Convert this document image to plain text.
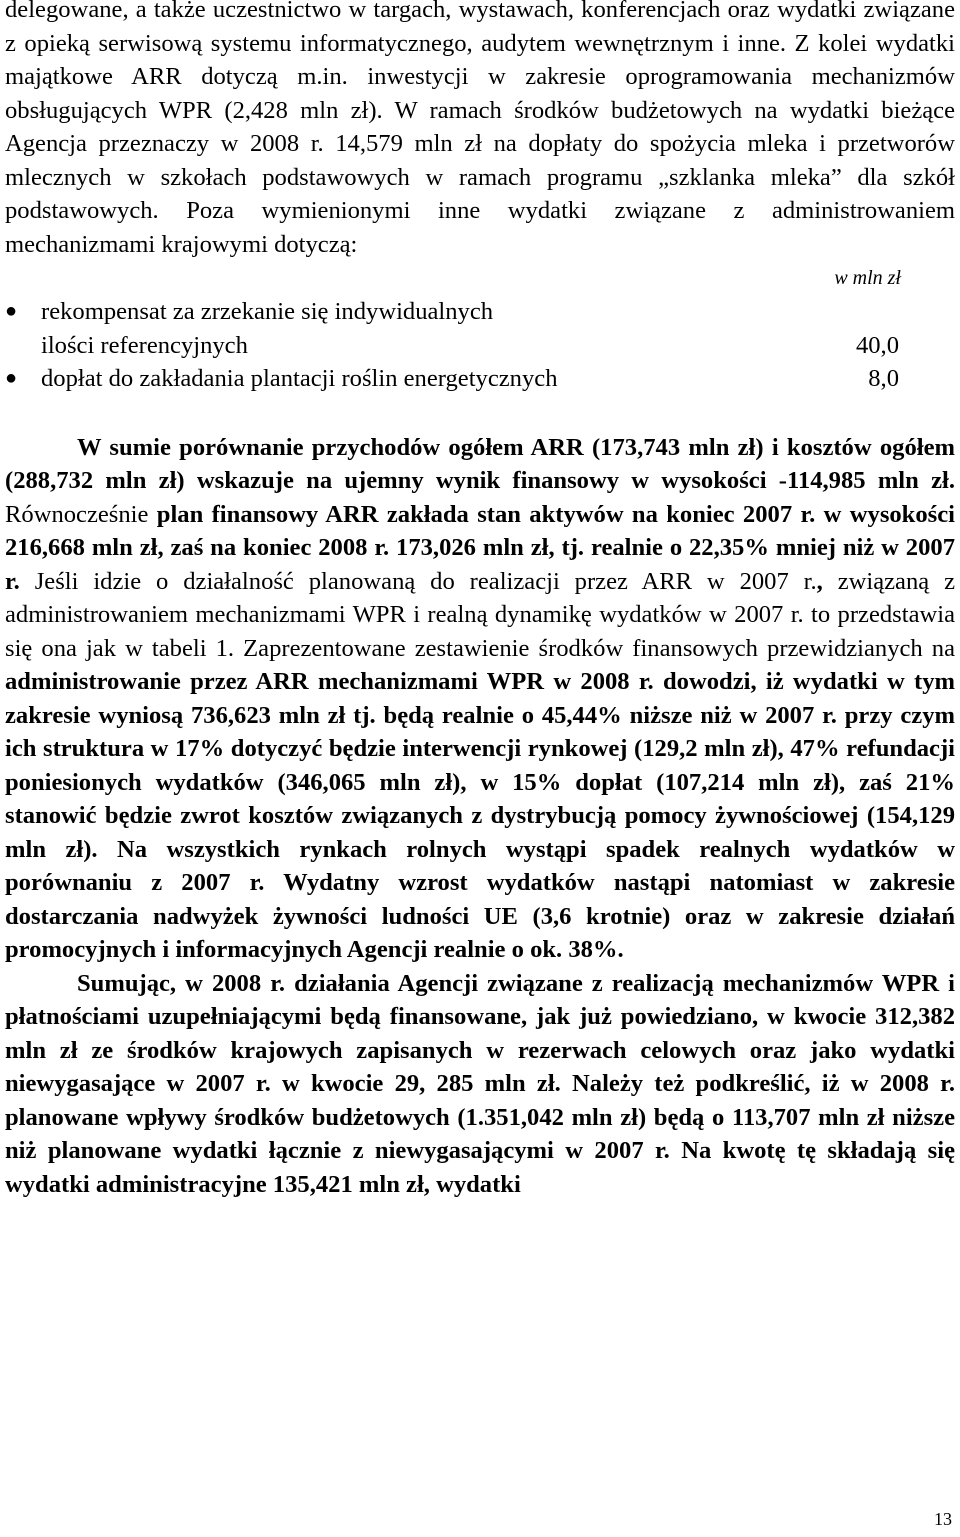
delegowane, a także uczestnictwo w targach, wystawach, konferencjach oraz wydatki związane z opieką serwisową systemu informatycznego, audytem wewnętrznym i inne. Z kolei wydatki majątkowe ARR dotyczą m.in. inwestycji w zakresie oprogramowania mechanizmów obsługujących WPR (2,428 mln zł). W ramach środków budżetowych na wydatki bieżące Agencja przeznaczy w 2008 r. 14,579 mln zł na dopłaty do spożycia mleka i przetworów mlecznych w szkołach podstawowych w ramach programu „szklanka mleka” dla szkół podstawowych. Poza wymienionymi inne wydatki związane z administrowaniem mechanizmami krajowymi dotyczą:

w mln zł
● rekompensat za zrzekanie się indywidualnych
ilości referencyjnych	40,0
● dopłat do zakładania plantacji roślin energetycznych	8,0

W sumie porównanie przychodów ogółem ARR (173,743 mln zł) i kosztów ogółem (288,732 mln zł) wskazuje na ujemny wynik finansowy w wysokości -114,985 mln zł. Równocześnie plan finansowy ARR zakłada stan aktywów na koniec 2007 r. w wysokości 216,668 mln zł, zaś na koniec 2008 r. 173,026 mln zł, tj. realnie o 22,35% mniej niż w 2007 r. Jeśli idzie o działalność planowaną do realizacji przez ARR w 2007 r., związaną z administrowaniem mechanizmami WPR i realną dynamikę wydatków w 2007 r. to przedstawia się ona jak w tabeli 1. Zaprezentowane zestawienie środków finansowych przewidzianych na administrowanie przez ARR mechanizmami WPR w 2008 r. dowodzi, iż wydatki w tym zakresie wyniosą 736,623 mln zł tj. będą realnie o 45,44% niższe niż w 2007 r. przy czym ich struktura w 17% dotyczyć będzie interwencji rynkowej (129,2 mln zł), 47% refundacji poniesionych wydatków (346,065 mln zł), w 15% dopłat (107,214 mln zł), zaś 21% stanowić będzie zwrot kosztów związanych z dystrybucją pomocy żywnościowej (154,129 mln zł). Na wszystkich rynkach rolnych wystąpi spadek realnych wydatków w porównaniu z 2007 r. Wydatny wzrost wydatków nastąpi natomiast w zakresie dostarczania nadwyżek żywności ludności UE (3,6 krotnie) oraz w zakresie działań promocyjnych i informacyjnych Agencji realnie o ok. 38%.

Sumując, w 2008 r. działania Agencji związane z realizacją mechanizmów WPR i płatnościami uzupełniającymi będą finansowane, jak już powiedziano, w kwocie 312,382 mln zł ze środków krajowych zapisanych w rezerwach celowych oraz jako wydatki niewygasające w 2007 r. w kwocie 29, 285 mln zł. Należy też podkreślić, iż w 2008 r. planowane wpływy środków budżetowych (1.351,042 mln zł) będą o 113,707 mln zł niższe niż planowane wydatki łącznie z niewygasającymi w 2007 r. Na kwotę tę składają się wydatki administracyjne 135,421 mln zł, wydatki

13
